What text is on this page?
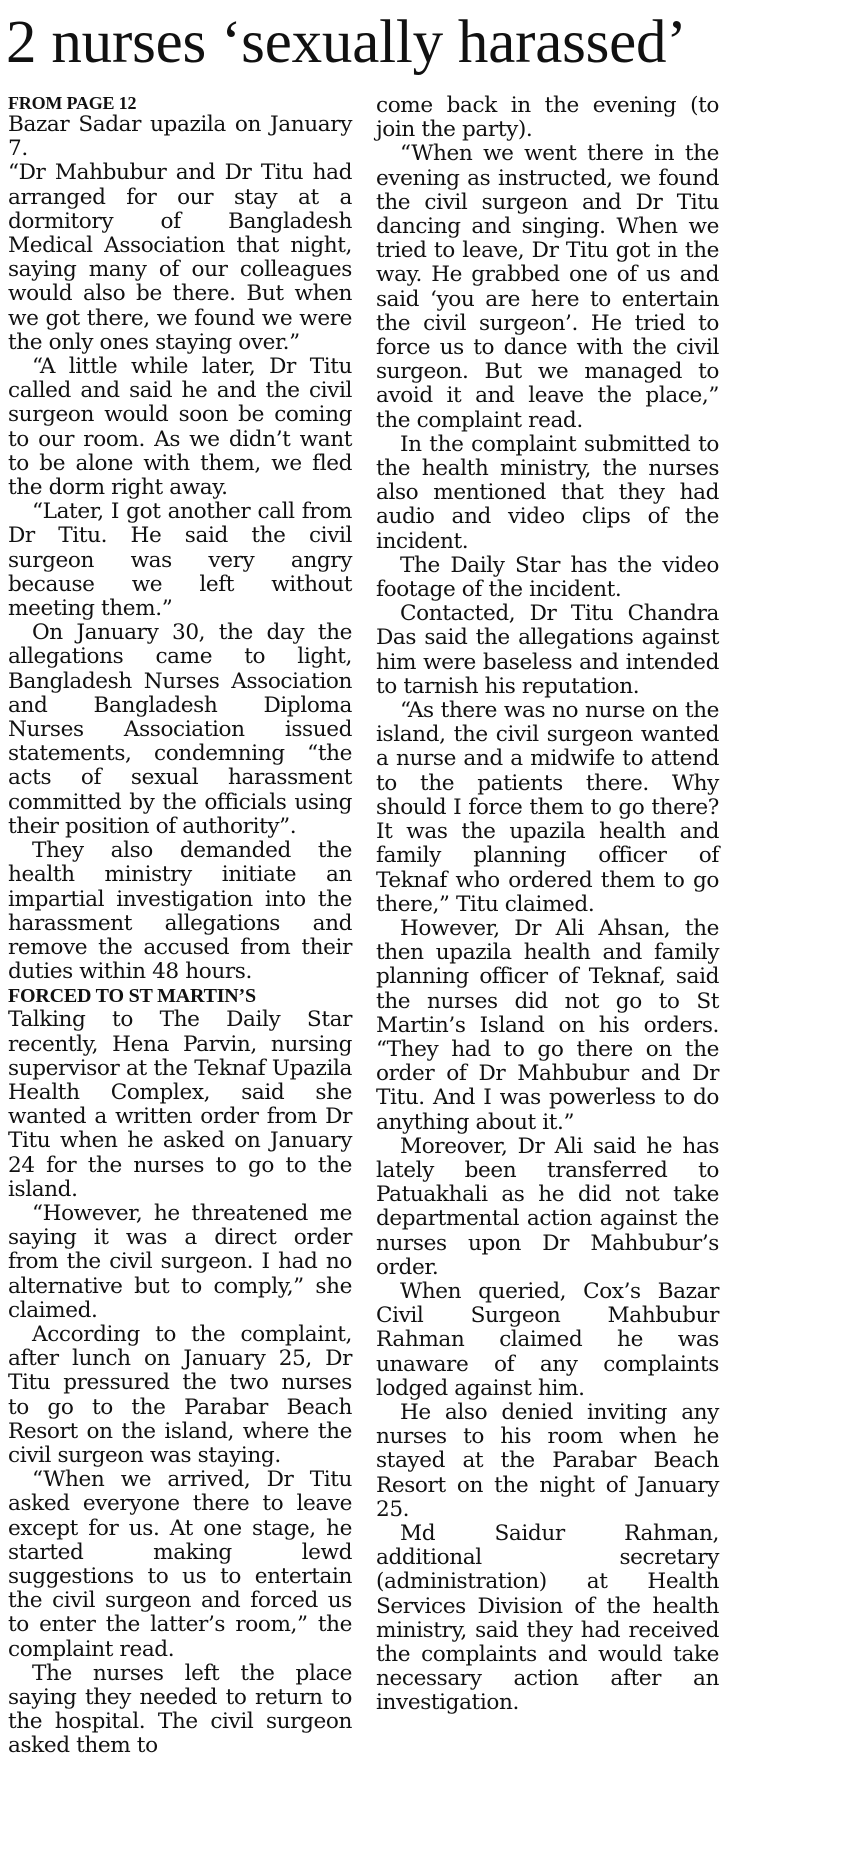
2 nurses ‘sexually harassed’
FROM PAGE 12

Bazar Sadar upazila on January 7.

“Dr Mahbubur and Dr Titu had arranged for our stay at a dormitory of Bangladesh Medical Association that night, saying many of our colleagues would also be there. But when we got there, we found we were the only ones staying over.”

“A little while later, Dr Titu called and said he and the civil surgeon would soon be coming to our room. As we didn’t want to be alone with them, we fled the dorm right away.

“Later, I got another call from Dr Titu. He said the civil surgeon was very angry because we left without meeting them.”

On January 30, the day the allegations came to light, Bangladesh Nurses Association and Bangladesh Diploma Nurses Association issued statements, condemning “the acts of sexual harassment committed by the officials using their position of authority”.

They also demanded the health ministry initiate an impartial investigation into the harassment allegations and remove the accused from their duties within 48 hours.

FORCED TO ST MARTIN’S

Talking to The Daily Star recently, Hena Parvin, nursing supervisor at the Teknaf Upazila Health Complex, said she wanted a written order from Dr Titu when he asked on January 24 for the nurses to go to the island.

“However, he threatened me saying it was a direct order from the civil surgeon. I had no alternative but to comply,” she claimed.

According to the complaint, after lunch on January 25, Dr Titu pressured the two nurses to go to the Parabar Beach Resort on the island, where the civil surgeon was staying.

“When we arrived, Dr Titu asked everyone there to leave except for us. At one stage, he started making lewd suggestions to us to entertain the civil surgeon and forced us to enter the latter’s room,” the complaint read.

The nurses left the place saying they needed to return to the hospital. The civil surgeon asked them to

come back in the evening (to join the party).

“When we went there in the evening as instructed, we found the civil surgeon and Dr Titu dancing and singing. When we tried to leave, Dr Titu got in the way. He grabbed one of us and said ‘you are here to entertain the civil surgeon’. He tried to force us to dance with the civil surgeon. But we managed to avoid it and leave the place,” the complaint read.

In the complaint submitted to the health ministry, the nurses also mentioned that they had audio and video clips of the incident.

The Daily Star has the video footage of the incident.

Contacted, Dr Titu Chandra Das said the allegations against him were baseless and intended to tarnish his reputation.

“As there was no nurse on the island, the civil surgeon wanted a nurse and a midwife to attend to the patients there. Why should I force them to go there? It was the upazila health and family planning officer of Teknaf who ordered them to go there,” Titu claimed.

However, Dr Ali Ahsan, the then upazila health and family planning officer of Teknaf, said the nurses did not go to St Martin’s Island on his orders. “They had to go there on the order of Dr Mahbubur and Dr Titu. And I was powerless to do anything about it.”

Moreover, Dr Ali said he has lately been transferred to Patuakhali as he did not take departmental action against the nurses upon Dr Mahbubur’s order.

When queried, Cox’s Bazar Civil Surgeon Mahbubur Rahman claimed he was unaware of any complaints lodged against him.

He also denied inviting any nurses to his room when he stayed at the Parabar Beach Resort on the night of January 25.

Md Saidur Rahman, additional secretary (administration) at Health Services Division of the health ministry, said they had received the complaints and would take necessary action after an investigation.
